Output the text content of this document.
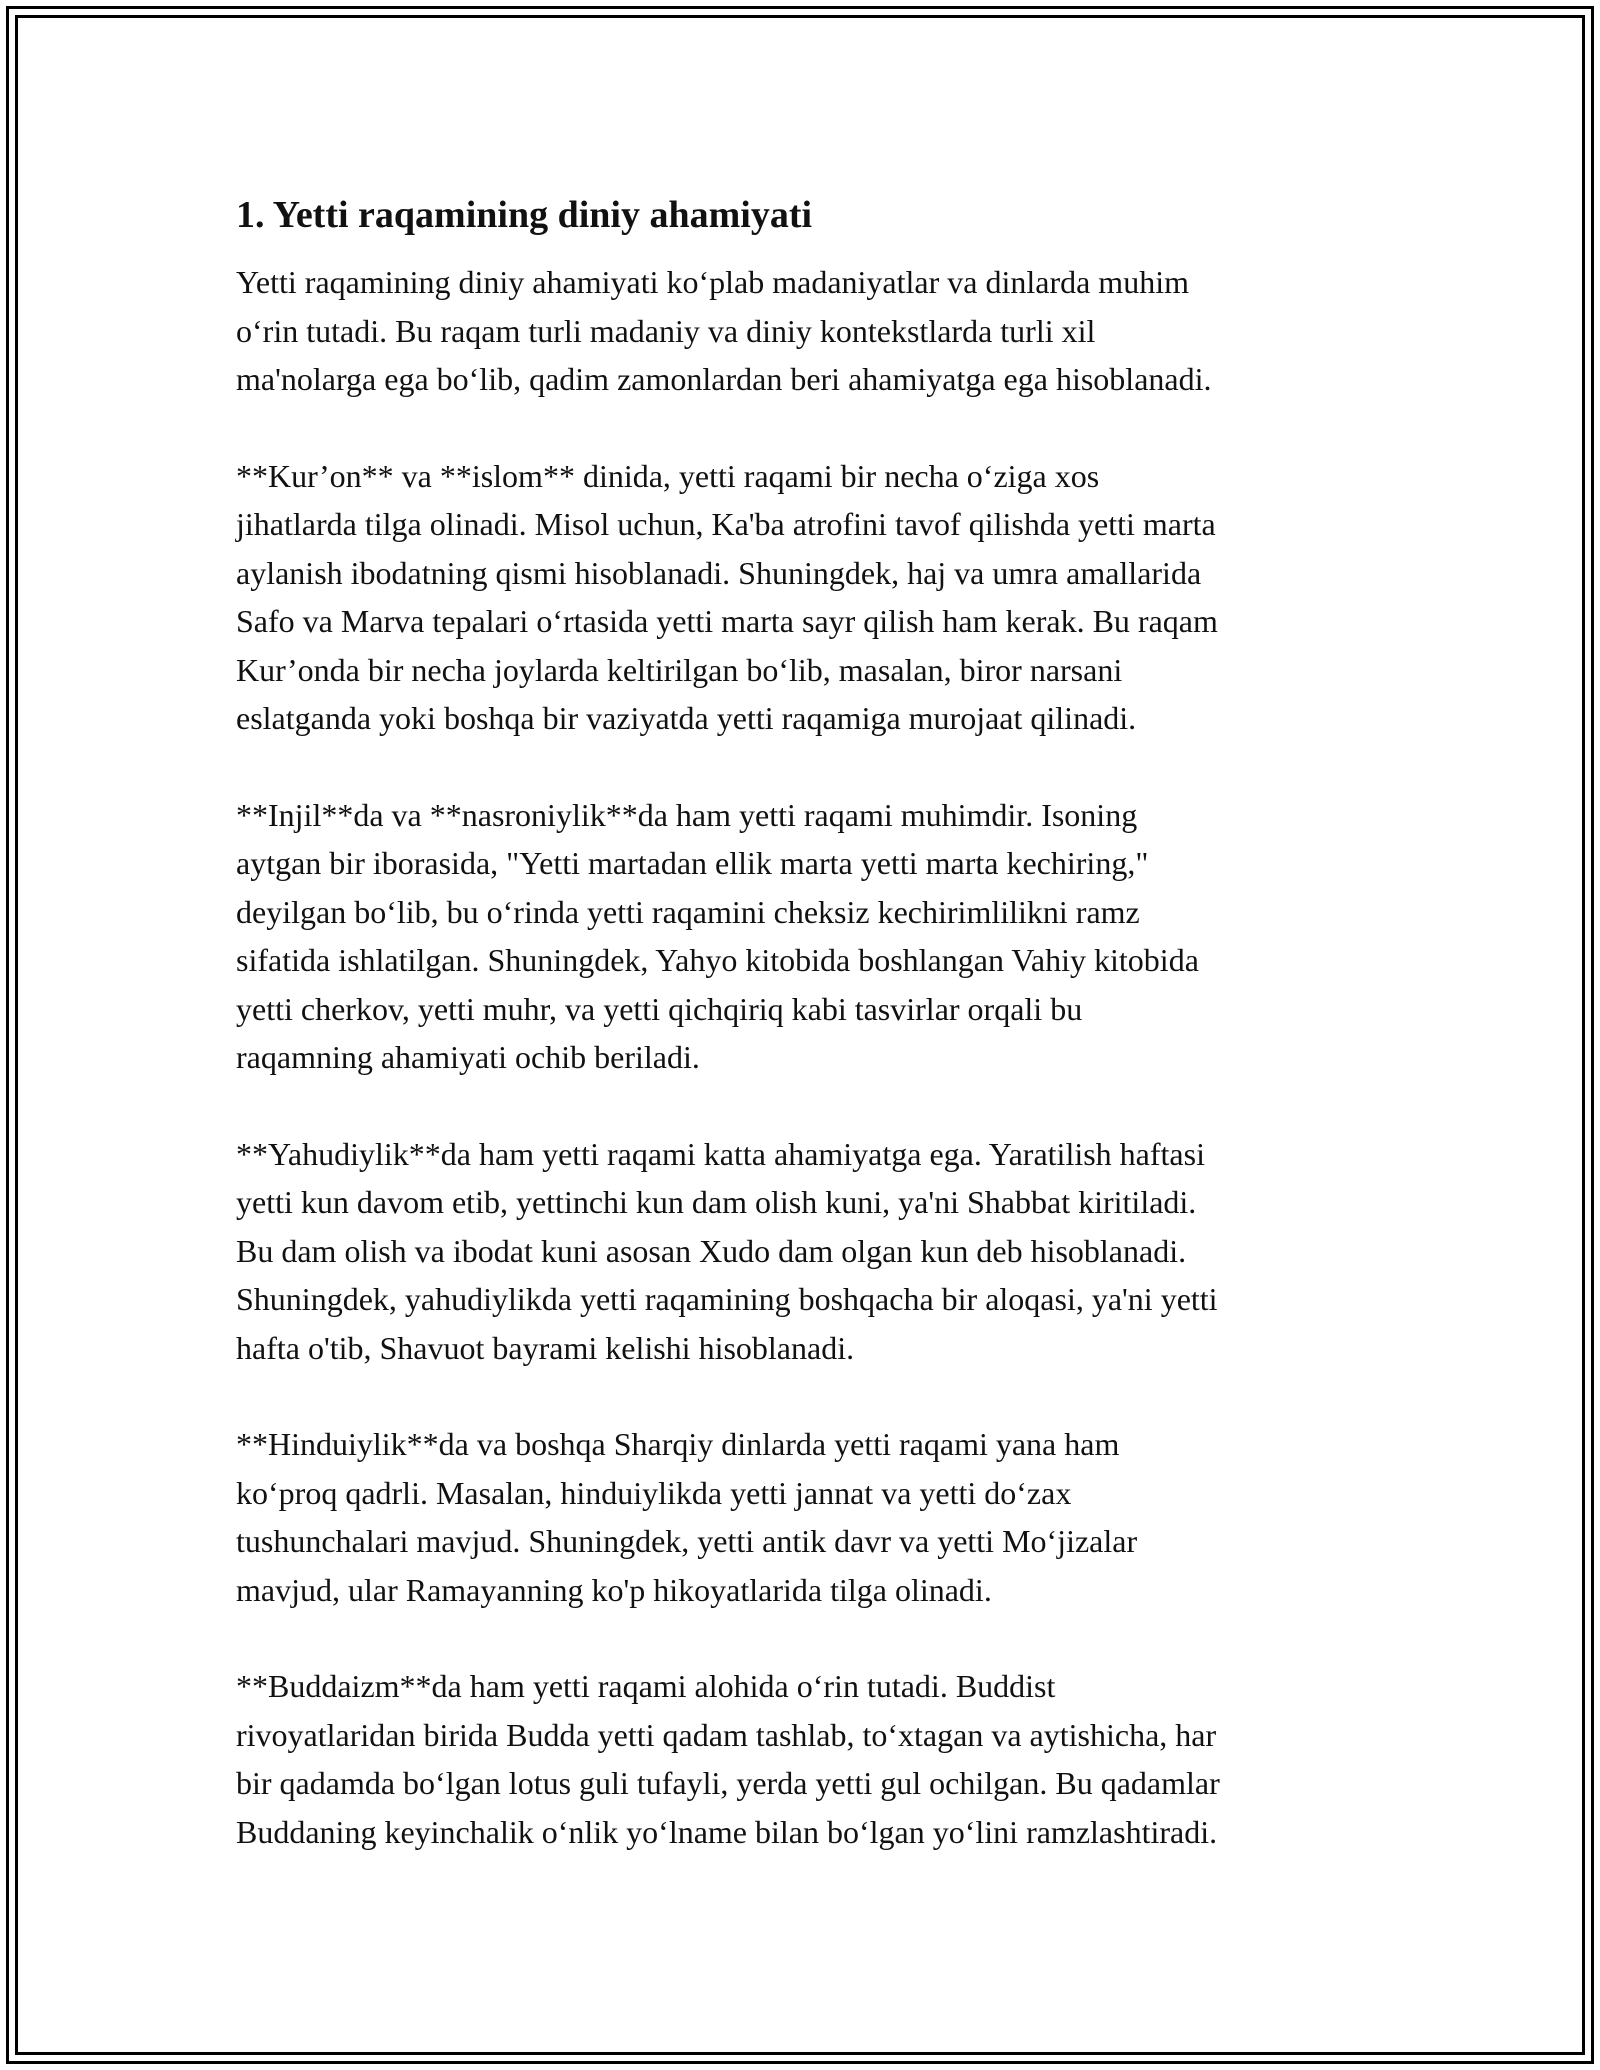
1. Yetti raqamining diniy ahamiyati

Yetti raqamining diniy ahamiyati koʻplab madaniyatlar va dinlarda muhim
oʻrin tutadi. Bu raqam turli madaniy va diniy kontekstlarda turli xil
ma'nolarga ega boʻlib, qadim zamonlardan beri ahamiyatga ega hisoblanadi.

**Kur’on** va **islom** dinida, yetti raqami bir necha oʻziga xos
jihatlarda tilga olinadi. Misol uchun, Ka'ba atrofini tavof qilishda yetti marta
aylanish ibodatning qismi hisoblanadi. Shuningdek, haj va umra amallarida
Safo va Marva tepalari oʻrtasida yetti marta sayr qilish ham kerak. Bu raqam
Kur’onda bir necha joylarda keltirilgan boʻlib, masalan, biror narsani
eslatganda yoki boshqa bir vaziyatda yetti raqamiga murojaat qilinadi.

**Injil**da va **nasroniylik**da ham yetti raqami muhimdir. Isoning
aytgan bir iborasida, "Yetti martadan ellik marta yetti marta kechiring,"
deyilgan boʻlib, bu oʻrinda yetti raqamini cheksiz kechirimlilikni ramz
sifatida ishlatilgan. Shuningdek, Yahyo kitobida boshlangan Vahiy kitobida
yetti cherkov, yetti muhr, va yetti qichqiriq kabi tasvirlar orqali bu
raqamning ahamiyati ochib beriladi.

**Yahudiylik**da ham yetti raqami katta ahamiyatga ega. Yaratilish haftasi
yetti kun davom etib, yettinchi kun dam olish kuni, ya'ni Shabbat kiritiladi.
Bu dam olish va ibodat kuni asosan Xudo dam olgan kun deb hisoblanadi.
Shuningdek, yahudiylikda yetti raqamining boshqacha bir aloqasi, ya'ni yetti
hafta o'tib, Shavuot bayrami kelishi hisoblanadi.

**Hinduiylik**da va boshqa Sharqiy dinlarda yetti raqami yana ham
koʻproq qadrli. Masalan, hinduiylikda yetti jannat va yetti doʻzax
tushunchalari mavjud. Shuningdek, yetti antik davr va yetti Moʻjizalar
mavjud, ular Ramayanning ko'p hikoyatlarida tilga olinadi.

**Buddaizm**da ham yetti raqami alohida oʻrin tutadi. Buddist
rivoyatlaridan birida Budda yetti qadam tashlab, toʻxtagan va aytishicha, har
bir qadamda boʻlgan lotus guli tufayli, yerda yetti gul ochilgan. Bu qadamlar
Buddaning keyinchalik oʻnlik yoʻlname bilan boʻlgan yoʻlini ramzlashtiradi.
